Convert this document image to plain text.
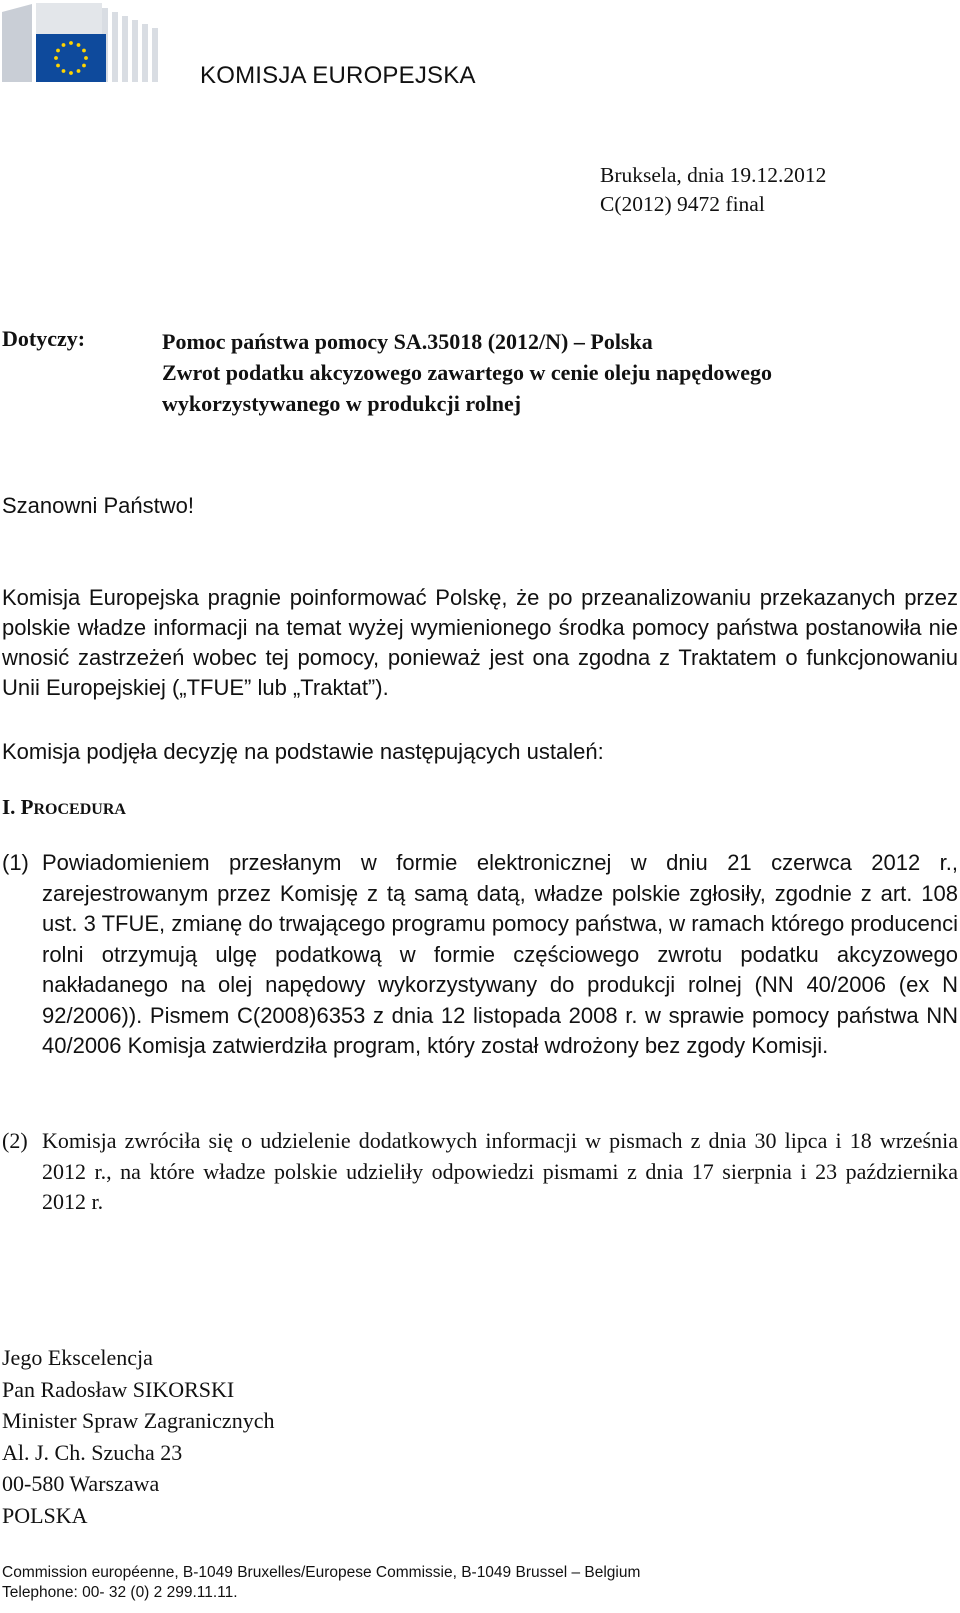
KOMISJA EUROPEJSKA
Bruksela, dnia 19.12.2012
C(2012) 9472 final
Dotyczy:	Pomoc państwa pomocy SA.35018 (2012/N) – Polska
Zwrot podatku akcyzowego zawartego w cenie oleju napędowego
wykorzystywanego w produkcji rolnej
Szanowni Państwo!
Komisja Europejska pragnie poinformować Polskę, że po przeanalizowaniu przekazanych przez polskie władze informacji na temat wyżej wymienionego środka pomocy państwa postanowiła nie wnosić zastrzeżeń wobec tej pomocy, ponieważ jest ona zgodna z Traktatem o funkcjonowaniu Unii Europejskiej („TFUE” lub „Traktat”).
Komisja podjęła decyzję na podstawie następujących ustaleń:
I. PROCEDURA
(1) Powiadomieniem przesłanym w formie elektronicznej w dniu 21 czerwca 2012 r., zarejestrowanym przez Komisję z tą samą datą, władze polskie zgłosiły, zgodnie z art. 108 ust. 3 TFUE, zmianę do trwającego programu pomocy państwa, w ramach którego producenci rolni otrzymują ulgę podatkową w formie częściowego zwrotu podatku akcyzowego nakładanego na olej napędowy wykorzystywany do produkcji rolnej (NN 40/2006 (ex N 92/2006)). Pismem C(2008)6353 z dnia 12 listopada 2008 r. w sprawie pomocy państwa NN 40/2006 Komisja zatwierdziła program, który został wdrożony bez zgody Komisji.
(2) Komisja zwróciła się o udzielenie dodatkowych informacji w pismach z dnia 30 lipca i 18 września 2012 r., na które władze polskie udzieliły odpowiedzi pismami z dnia 17 sierpnia i 23 października 2012 r.
Jego Ekscelencja
Pan Radosław SIKORSKI
Minister Spraw Zagranicznych
Al. J. Ch. Szucha 23
00-580 Warszawa
POLSKA
Commission européenne, B-1049 Bruxelles/Europese Commissie, B-1049 Brussel – Belgium
Telephone: 00- 32 (0) 2 299.11.11.
